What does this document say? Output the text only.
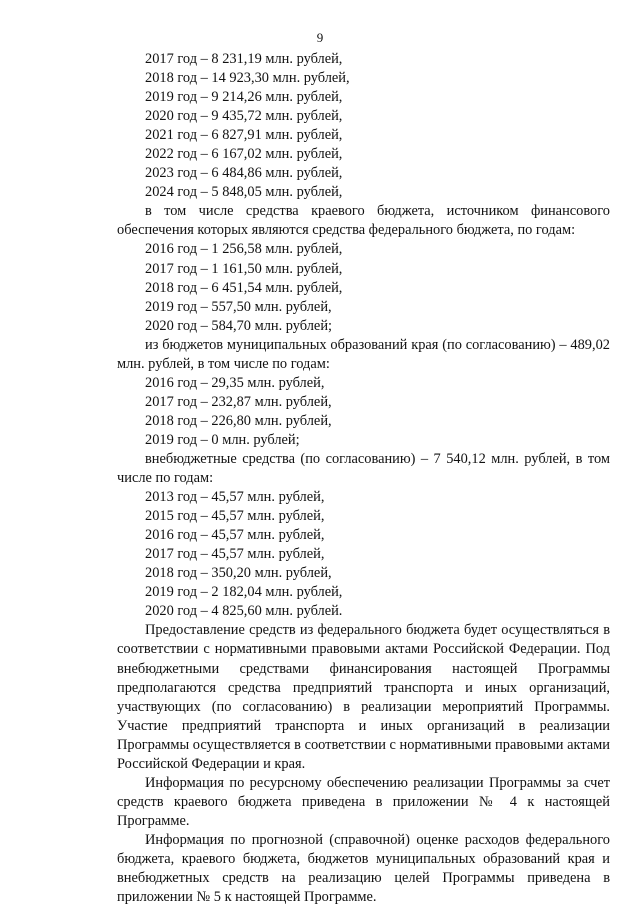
9

2017 год – 8 231,19 млн. рублей,

2018 год – 14 923,30 млн. рублей,

2019 год – 9 214,26 млн. рублей,

2020 год – 9 435,72 млн. рублей,

2021 год – 6 827,91 млн. рублей,

2022 год – 6 167,02 млн. рублей,

2023 год – 6 484,86 млн. рублей,

2024 год – 5 848,05 млн. рублей,

в том числе средства краевого бюджета, источником финансового обеспечения которых являются средства федерального бюджета, по годам:

2016 год – 1 256,58 млн. рублей,

2017 год – 1 161,50 млн. рублей,

2018 год – 6 451,54 млн. рублей,

2019 год – 557,50 млн. рублей,

2020 год – 584,70 млн. рублей;

из бюджетов муниципальных образований края (по согласованию) – 489,02 млн. рублей, в том числе по годам:

2016 год – 29,35 млн. рублей,

2017 год – 232,87 млн. рублей,

2018 год – 226,80 млн. рублей,

2019 год – 0 млн. рублей;

внебюджетные средства (по согласованию) – 7 540,12 млн. рублей, в том числе по годам:

2013 год – 45,57 млн. рублей,

2015 год – 45,57 млн. рублей,

2016 год – 45,57 млн. рублей,

2017 год – 45,57 млн. рублей,

2018 год – 350,20 млн. рублей,

2019 год – 2 182,04 млн. рублей,

2020 год – 4 825,60 млн. рублей.

Предоставление средств из федерального бюджета будет осуществляться в соответствии с нормативными правовыми актами Российской Федерации. Под внебюджетными средствами финансирования настоящей Программы предполагаются средства предприятий транспорта и иных организаций, участвующих (по согласованию) в реализации мероприятий Программы. Участие предприятий транспорта и иных организаций в реализации Программы осуществляется в соответствии с нормативными правовыми актами Российской Федерации и края.

Информация по ресурсному обеспечению реализации Программы за счет средств краевого бюджета приведена в приложении № 4 к настоящей Программе.

Информация по прогнозной (справочной) оценке расходов федерального бюджета, краевого бюджета, бюджетов муниципальных образований края и внебюджетных средств на реализацию целей Программы приведена в приложении № 5 к настоящей Программе.
